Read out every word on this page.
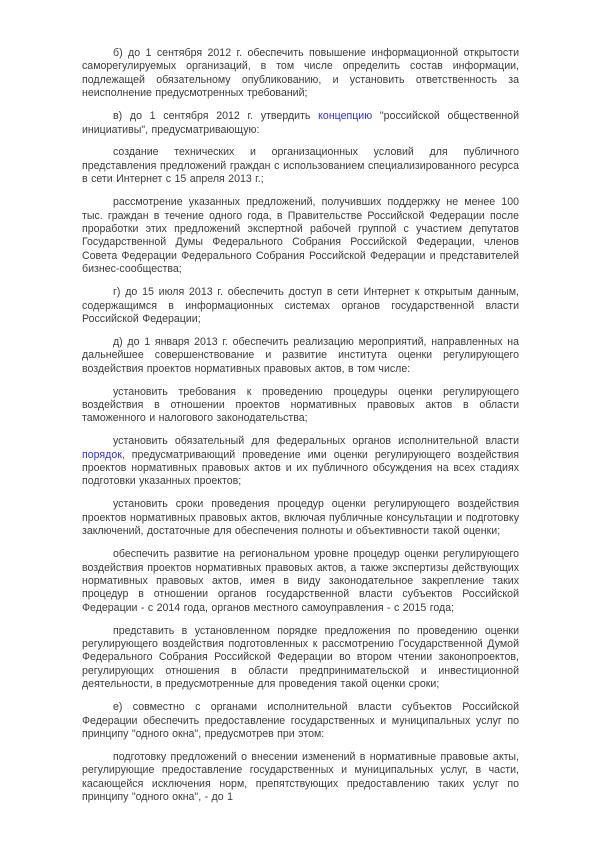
б) до 1 сентября 2012 г. обеспечить повышение информационной открытости саморегулируемых организаций, в том числе определить состав информации, подлежащей обязательному опубликованию, и установить ответственность за неисполнение предусмотренных требований;

в) до 1 сентября 2012 г. утвердить концепцию "российской общественной инициативы", предусматривающую:

создание технических и организационных условий для публичного представления предложений граждан с использованием специализированного ресурса в сети Интернет с 15 апреля 2013 г.;

рассмотрение указанных предложений, получивших поддержку не менее 100 тыс. граждан в течение одного года, в Правительстве Российской Федерации после проработки этих предложений экспертной рабочей группой с участием депутатов Государственной Думы Федерального Собрания Российской Федерации, членов Совета Федерации Федерального Собрания Российской Федерации и представителей бизнес-сообщества;

г) до 15 июля 2013 г. обеспечить доступ в сети Интернет к открытым данным, содержащимся в информационных системах органов государственной власти Российской Федерации;

д) до 1 января 2013 г. обеспечить реализацию мероприятий, направленных на дальнейшее совершенствование и развитие института оценки регулирующего воздействия проектов нормативных правовых актов, в том числе:

установить требования к проведению процедуры оценки регулирующего воздействия в отношении проектов нормативных правовых актов в области таможенного и налогового законодательства;

установить обязательный для федеральных органов исполнительной власти порядок, предусматривающий проведение ими оценки регулирующего воздействия проектов нормативных правовых актов и их публичного обсуждения на всех стадиях подготовки указанных проектов;

установить сроки проведения процедур оценки регулирующего воздействия проектов нормативных правовых актов, включая публичные консультации и подготовку заключений, достаточные для обеспечения полноты и объективности такой оценки;

обеспечить развитие на региональном уровне процедур оценки регулирующего воздействия проектов нормативных правовых актов, а также экспертизы действующих нормативных правовых актов, имея в виду законодательное закрепление таких процедур в отношении органов государственной власти субъектов Российской Федерации - с 2014 года, органов местного самоуправления - с 2015 года;

представить в установленном порядке предложения по проведению оценки регулирующего воздействия подготовленных к рассмотрению Государственной Думой Федерального Собрания Российской Федерации во втором чтении законопроектов, регулирующих отношения в области предпринимательской и инвестиционной деятельности, в предусмотренные для проведения такой оценки сроки;

е) совместно с органами исполнительной власти субъектов Российской Федерации обеспечить предоставление государственных и муниципальных услуг по принципу "одного окна", предусмотрев при этом:

подготовку предложений о внесении изменений в нормативные правовые акты, регулирующие предоставление государственных и муниципальных услуг, в части, касающейся исключения норм, препятствующих предоставлению таких услуг по принципу "одного окна", - до 1
